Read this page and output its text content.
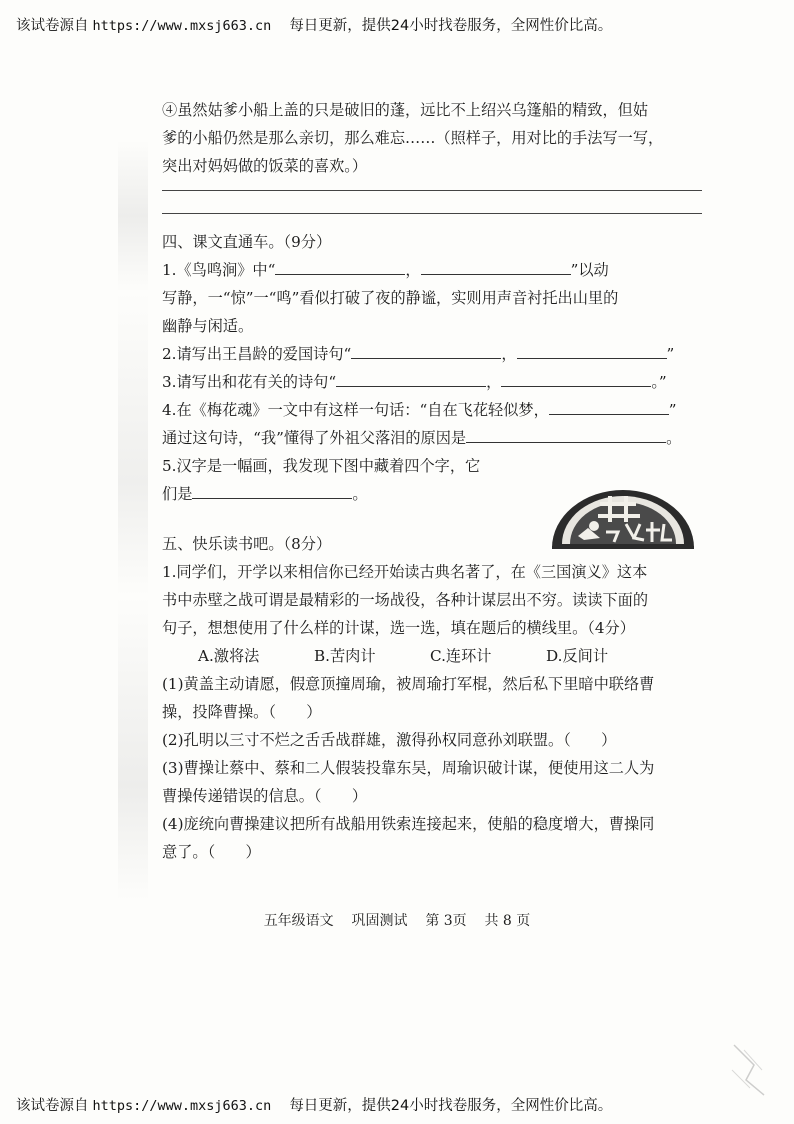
该试卷源自 https://www.mxsj663.cn 每日更新，提供24小时找卷服务，全网性价比高。

④虽然姑爹小船上盖的只是破旧的蓬，远比不上绍兴乌篷船的精致，但姑

爹的小船仍然是那么亲切，那么难忘……（照样子，用对比的手法写一写，

突出对妈妈做的饭菜的喜欢。）

四、课文直通车。（9分）

1.《鸟鸣涧》中“	，	”以动

写静，一“惊”一“鸣”看似打破了夜的静谧，实则用声音衬托出山里的

幽静与闲适。

2.请写出王昌龄的爱国诗句“	，	”

3.请写出和花有关的诗句“	，	。”

4.在《梅花魂》一文中有这样一句话：“自在飞花轻似梦，	”

通过这句诗，“我”懂得了外祖父落泪的原因是	。

5.汉字是一幅画，我发现下图中藏着四个字，它

们是	。

五、快乐读书吧。（8分）

1.同学们，开学以来相信你已经开始读古典名著了，在《三国演义》这本

书中赤壁之战可谓是最精彩的一场战役，各种计谋层出不穷。读读下面的

句子，想想使用了什么样的计谋，选一选，填在题后的横线里。（4分）

A.激将法	B.苦肉计	C.连环计	D.反间计

(1)黄盖主动请愿，假意顶撞周瑜，被周瑜打军棍，然后私下里暗中联络曹

操，投降曹操。（　　）

(2)孔明以三寸不烂之舌舌战群雄，激得孙权同意孙刘联盟。（　　）

(3)曹操让蔡中、蔡和二人假装投靠东吴，周瑜识破计谋，便使用这二人为

曹操传递错误的信息。（　　）

(4)庞统向曹操建议把所有战船用铁索连接起来，使船的稳度增大，曹操同

意了。（　　）

五年级语文 巩固测试 第 3页 共 8 页
该试卷源自 https://www.mxsj663.cn 每日更新，提供24小时找卷服务，全网性价比高。
